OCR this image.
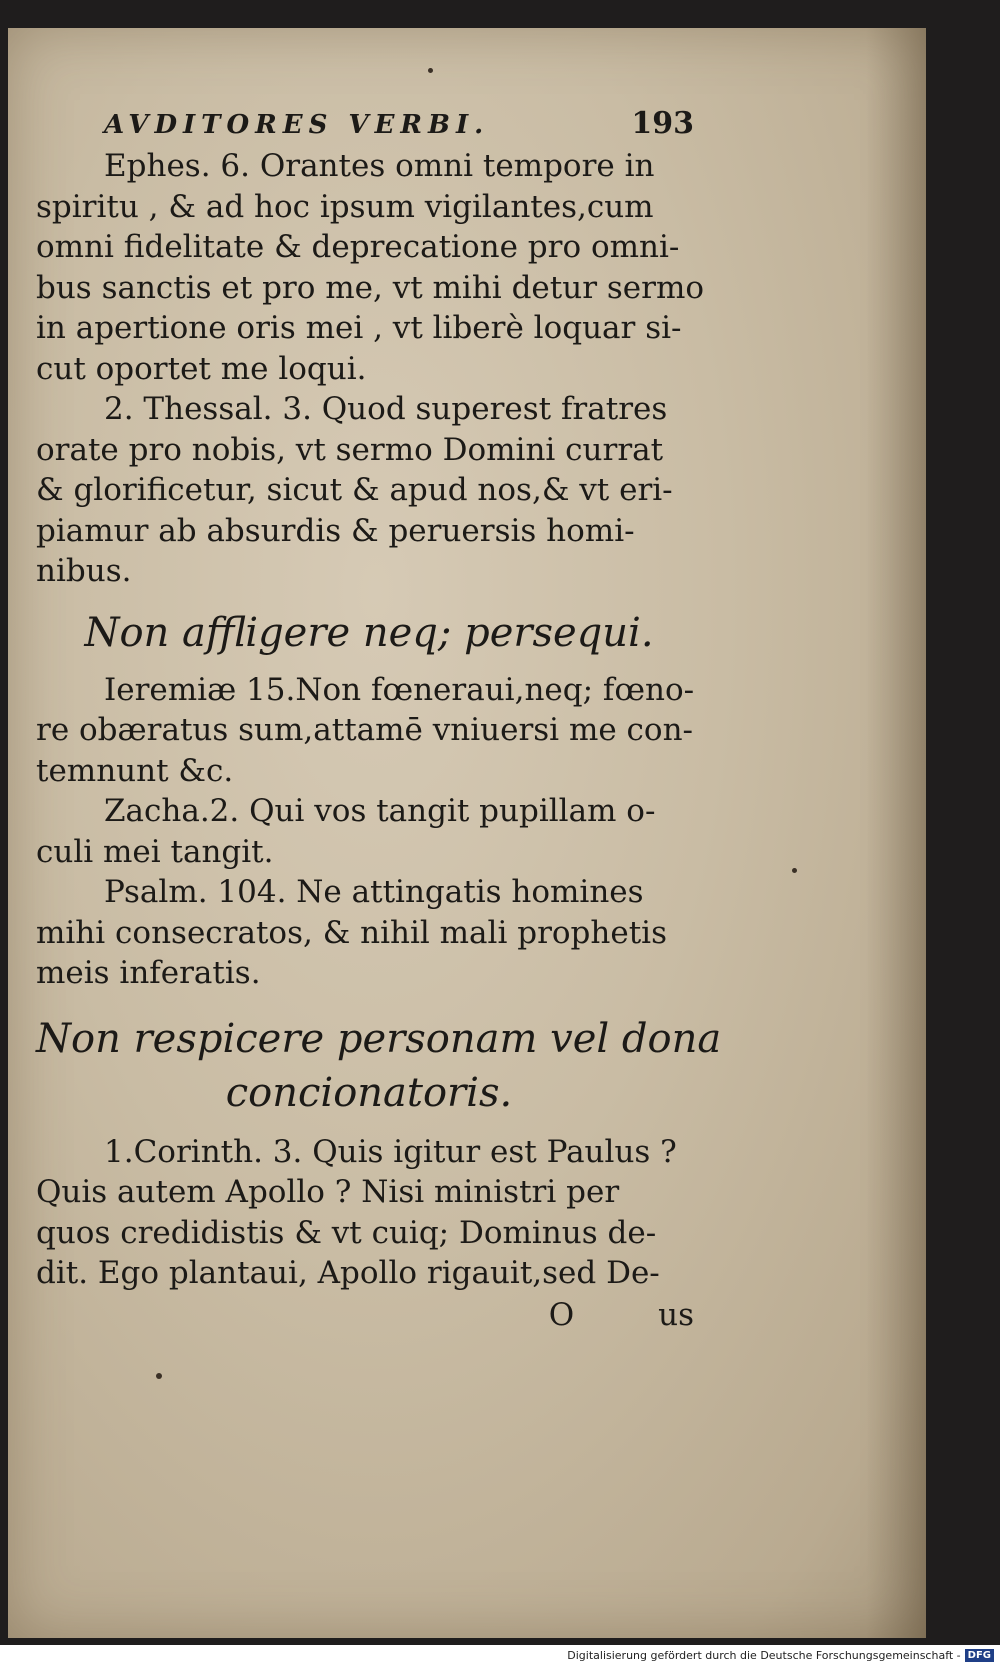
AVDITORES VERBI.	193

Ephes. 6. Orantes omni tempore in
spiritu , & ad hoc ipsum vigilantes,cum
omni fidelitate & deprecatione pro omni-
bus sanctis et pro me, vt mihi detur sermo
in apertione oris mei , vt liberè loquar si-
cut oportet me loqui.

2. Thessal. 3. Quod superest fratres
orate pro nobis, vt sermo Domini currat
& glorificetur, sicut & apud nos,& vt eri-
piamur ab absurdis & peruersis homi-
nibus.

Non affligere neq; persequi.

Ieremiæ 15.Non fœneraui,neq; fœno-
re obæratus sum,attamē vniuersi me con-
temnunt &c.

Zacha.2. Qui vos tangit pupillam o-
culi mei tangit.

Psalm. 104. Ne attingatis homines
mihi consecratos, & nihil mali prophetis
meis inferatis.

Non respicere personam vel dona
concionatoris.

1.Corinth. 3. Quis igitur est Paulus ?
Quis autem Apollo ? Nisi ministri per
quos credidistis & vt cuiq; Dominus de-
dit. Ego plantaui, Apollo rigauit,sed De-

O	us
Digitalisierung gefördert durch die Deutsche Forschungsgemeinschaft - DFG
